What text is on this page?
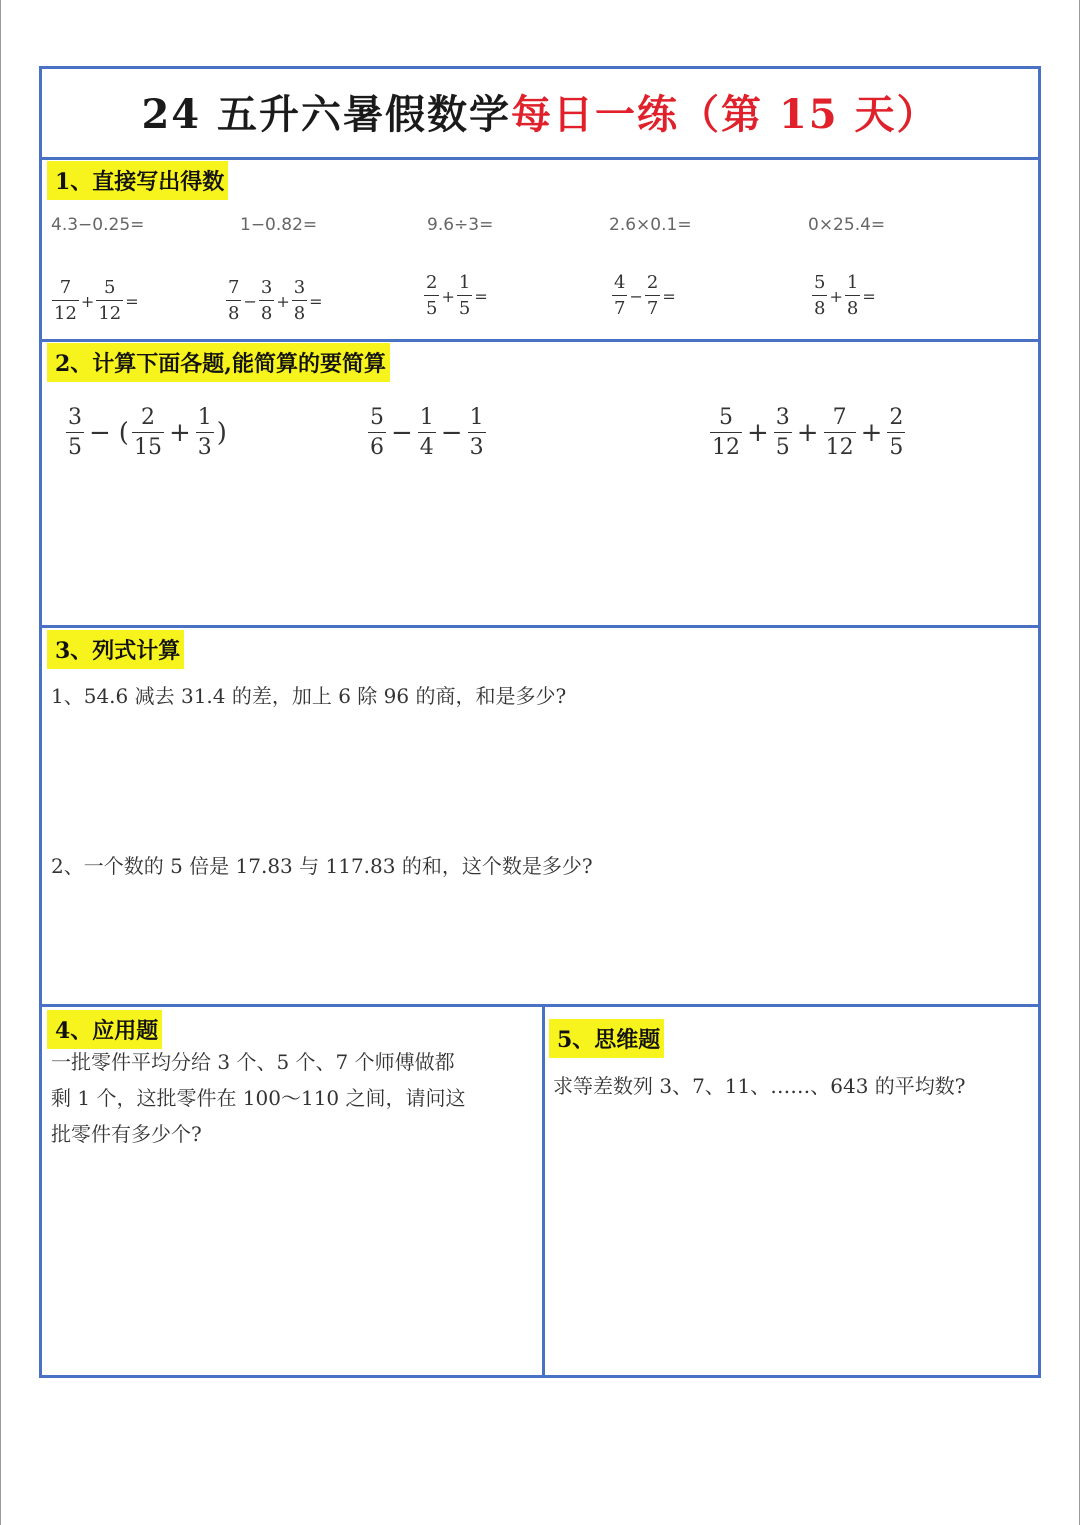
24 五升六暑假数学每日一练（第 15 天）
1、直接写出得数
4.3−0.25=	1−0.82=	9.6÷3=	2.6×0.1=	0×25.4=
$\frac{7}{12} + \frac{5}{12}$ =	$\frac{7}{8} - \frac{3}{8} + \frac{3}{8}$ =	$\frac{2}{5} + \frac{1}{5}$ =	$\frac{4}{7} - \frac{2}{7}$ =	$\frac{5}{8} + \frac{1}{8}$ =
2、计算下面各题,能简算的要简算
$\frac{3}{5}$ − ( $\frac{2}{15} + \frac{1}{3}$ )	$\frac{5}{6} - \frac{1}{4} - \frac{1}{3}$	$\frac{5}{12} + \frac{3}{5} + \frac{7}{12} + \frac{2}{5}$
3、列式计算
1、54.6 减去 31.4 的差，加上 6 除 96 的商，和是多少?
2、一个数的 5 倍是 17.83 与 117.83 的和，这个数是多少?
4、应用题
一批零件平均分给 3 个、5 个、7 个师傅做都
剩 1 个，这批零件在 100～110 之间，请问这
批零件有多少个?
5、思维题
求等差数列 3、7、11、……、643 的平均数?
